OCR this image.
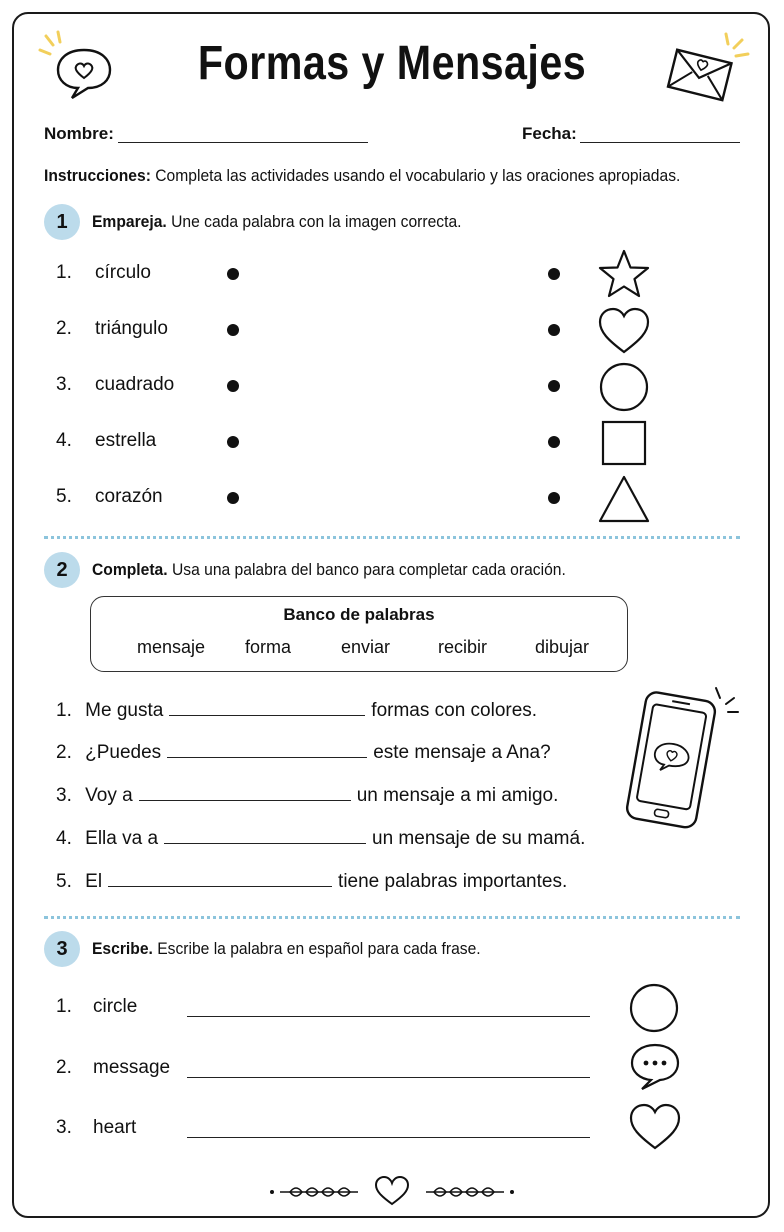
Formas y Mensajes
Nombre:	Fecha:
Instrucciones: Completa las actividades usando el vocabulario y las oraciones apropiadas.
1	Empareja. Une cada palabra con la imagen correcta.
1. círculo
2. triángulo
3. cuadrado
4. estrella
5. corazón
2	Completa. Usa una palabra del banco para completar cada oración.
Banco de palabras
mensaje forma	enviar	recibir	dibujar
1. Me gusta	formas con colores.
2. ¿Puedes	este mensaje a Ana?
3. Voy a	un mensaje a mi amigo.
4. Ella va a	un mensaje de su mamá.
5. El	tiene palabras importantes.
3	Escribe. Escribe la palabra en español para cada frase.
1. circle
2. message
3. heart
